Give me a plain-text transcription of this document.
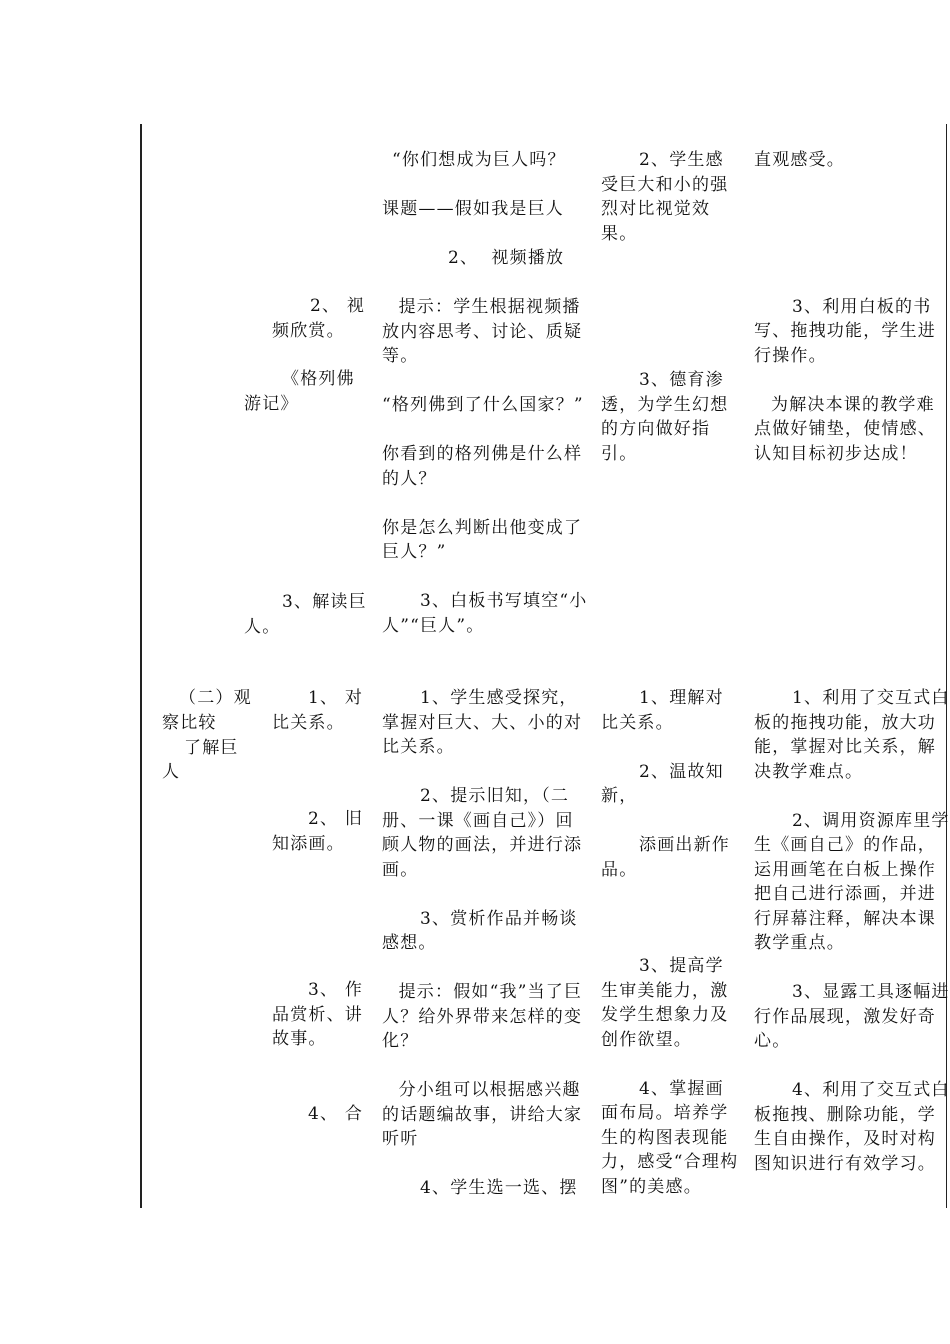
（二）观察比较

了解巨人

2、 视频欣赏。

《格列佛游记》

3、解读巨人。

1、 对比关系。

2、 旧知添画。

3、 作品赏析、讲故事。

4、 合

“你们想成为巨人吗？

课题——假如我是巨人

2、  视频播放

提示：学生根据视频播放内容思考、讨论、质疑等。

“格列佛到了什么国家？”

你看到的格列佛是什么样的人？

你是怎么判断出他变成了巨人？”

3、白板书写填空“小人”“巨人”。

1、学生感受探究，掌握对巨大、大、小的对比关系。

2、提示旧知，（二册、一课《画自己》）回顾人物的画法，并进行添画。

3、赏析作品并畅谈感想。

提示：假如“我”当了巨人？给外界带来怎样的变化？

分小组可以根据感兴趣的话题编故事，讲给大家听听

4、学生选一选、摆

2、学生感受巨大和小的强烈对比视觉效果。

3、德育渗透，为学生幻想的方向做好指引。

1、理解对比关系。

2、温故知新，

添画出新作品。

3、提高学生审美能力，激发学生想象力及创作欲望。

4、掌握画面布局。培养学生的构图表现能力，感受“合理构图”的美感。

直观感受。

3、利用白板的书写、拖拽功能，学生进行操作。

为解决本课的教学难点做好铺垫，使情感、认知目标初步达成！

1、利用了交互式白板的拖拽功能，放大功能，掌握对比关系，解决教学难点。

2、调用资源库里学生《画自己》的作品，运用画笔在白板上操作把自己进行添画，并进行屏幕注释，解决本课教学重点。

3、显露工具逐幅进行作品展现，激发好奇心。

4、利用了交互式白板拖拽、删除功能，学生自由操作，及时对构图知识进行有效学习。
